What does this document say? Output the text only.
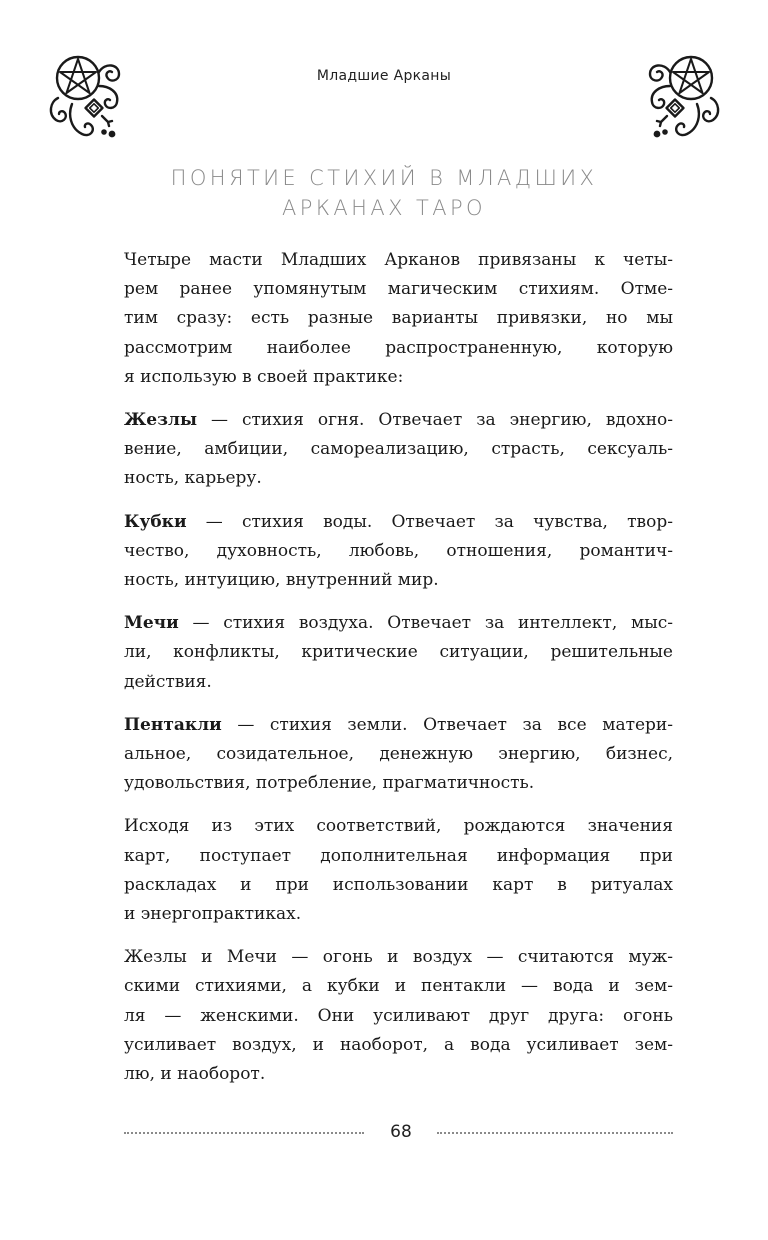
Младшие Арканы
ПОНЯТИЕ СТИХИЙ В МЛАДШИХ
АРКАНАХ ТАРО

Четыре масти Младших Арканов привязаны к четы-
рем ранее упомянутым магическим стихиям. Отме-
тим сразу: есть разные варианты привязки, но мы
рассмотрим наиболее распространенную, которую
я использую в своей практике:

Жезлы — стихия огня. Отвечает за энергию, вдохно-
вение, амбиции, самореализацию, страсть, сексуаль-
ность, карьеру.

Кубки — стихия воды. Отвечает за чувства, твор-
чество, духовность, любовь, отношения, романтич-
ность, интуицию, внутренний мир.

Мечи — стихия воздуха. Отвечает за интеллект, мыс-
ли, конфликты, критические ситуации, решительные
действия.

Пентакли — стихия земли. Отвечает за все матери-
альное, созидательное, денежную энергию, бизнес,
удовольствия, потребление, прагматичность.

Исходя из этих соответствий, рождаются значения
карт, поступает дополнительная информация при
раскладах и при использовании карт в ритуалах
и энергопрактиках.

Жезлы и Мечи — огонь и воздух — считаются муж-
скими стихиями, а кубки и пентакли — вода и зем-
ля — женскими. Они усиливают друг друга: огонь
усиливает воздух, и наоборот, а вода усиливает зем-
лю, и наоборот.

68
